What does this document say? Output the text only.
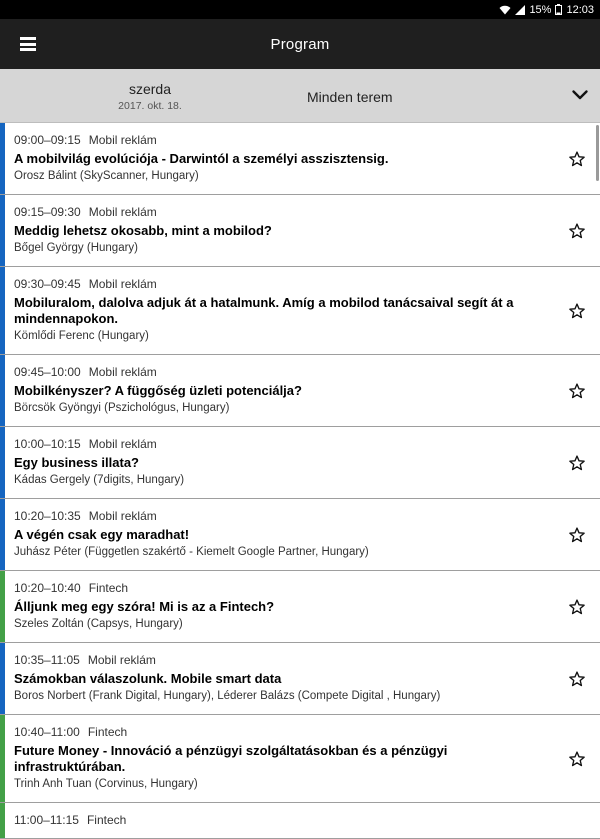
15% 12:03
Program
szerda
2017. okt. 18.
Minden terem
09:00–09:15 Mobil reklám
A mobilvilág evolúciója - Darwintól a személyi asszisztensig.
Orosz Bálint (SkyScanner, Hungary)
09:15–09:30 Mobil reklám
Meddig lehetsz okosabb, mint a mobilod?
Bőgel György (Hungary)
09:30–09:45 Mobil reklám
Mobiluralom, dalolva adjuk át a hatalmunk. Amíg a mobilod tanácsaival segít át a mindennapokon.
Kömlődi Ferenc (Hungary)
09:45–10:00 Mobil reklám
Mobilkényszer? A függőség üzleti potenciálja?
Börcsök Gyöngyi (Pszichológus, Hungary)
10:00–10:15 Mobil reklám
Egy business illata?
Kádas Gergely (7digits, Hungary)
10:20–10:35 Mobil reklám
A végén csak egy maradhat!
Juhász Péter (Független szakértő - Kiemelt Google Partner, Hungary)
10:20–10:40 Fintech
Álljunk meg egy szóra! Mi is az a Fintech?
Szeles Zoltán (Capsys, Hungary)
10:35–11:05 Mobil reklám
Számokban válaszolunk. Mobile smart data
Boros Norbert (Frank Digital, Hungary), Léderer Balázs (Compete Digital , Hungary)
10:40–11:00 Fintech
Future Money - Innováció a pénzügyi szolgáltatásokban és a pénzügyi infrastruktúrában.
Trinh Anh Tuan (Corvinus, Hungary)
11:00–11:15 Fintech
